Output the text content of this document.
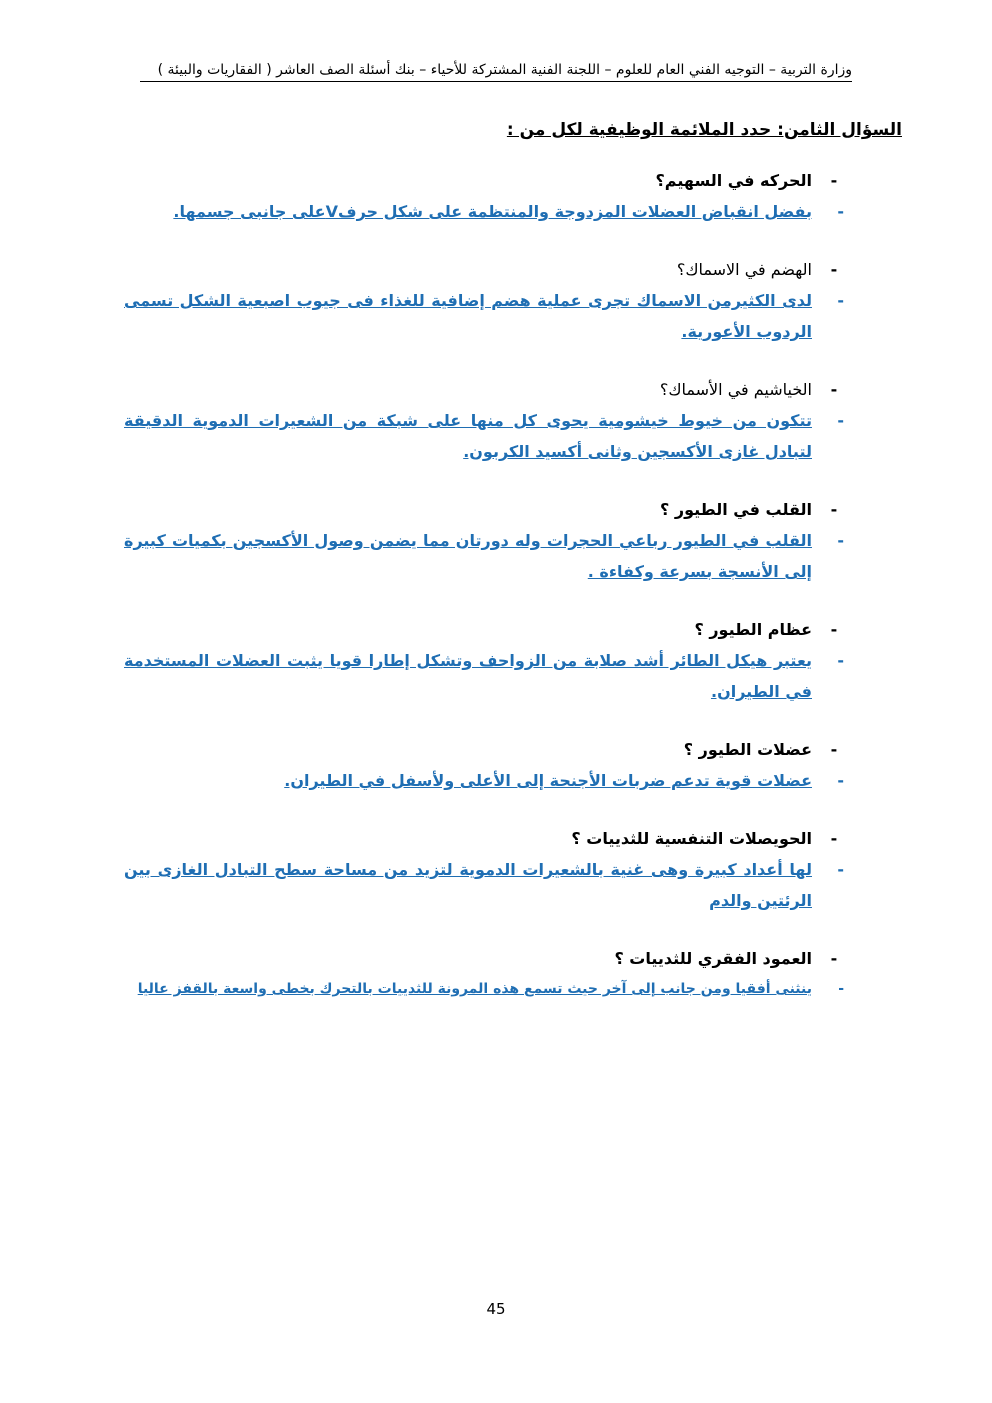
وزارة التربية – التوجيه الفني العام للعلوم – اللجنة الفنية المشتركة للأحياء – بنك أسئلة الصف العاشر ( الفقاريات والبيئة )
السؤال الثامن: حدد الملائمة الوظيفية لكل من :
-
الحركه في السهيم؟
-
بفضل انقباض العضلات المزدوجة والمنتظمة على شكل حرفVعلى جانبى جسمها.
-
الهضم في الاسماك؟
-
لدى الكثيرمن الاسماك تجرى عملية هضم إضافية للغذاء فى جيوب اصبعية الشكل تسمى الردوب الأعورية.
-
الخياشيم في الأسماك؟
-
تتكون من خيوط خيشومية يحوى كل منها على شبكة من الشعيرات الدموية الدقيقة لتبادل غازى الأكسجين وثانى أكسيد الكربون.
-
القلب في الطيور ؟
-
القلب في الطيور رباعي الحجرات وله دورتان مما يضمن وصول الأكسجين بكميات كبيرة إلى الأنسجة بسرعة وكفاءة .
-
عظام الطيور ؟
-
يعتبر هيكل الطائر أشد صلابة من الزواحف وتشكل إطارا قويا يثبت العضلات المستخدمة في الطيران.
-
عضلات الطيور ؟
-
عضلات قوية تدعم ضربات الأجنحة إلى الأعلى ولأسفل في الطيران.
-
الحويصلات التنفسية للثدييات ؟
-
لها أعداد كبيرة وهى غنية بالشعيرات الدموية لتزيد من مساحة سطح التبادل الغازى بين الرئتين والدم
-
العمود الفقري للثدييات ؟
-
ينثنى أفقيا ومن جانب إلى آخر حيث تسمع هذه المرونة للثدييات بالتحرك بخطى واسعة بالقفز عاليا
45
